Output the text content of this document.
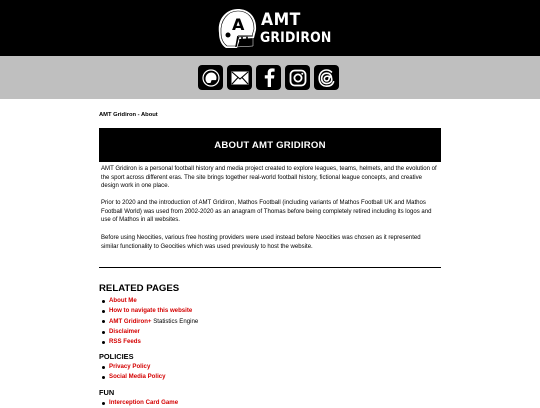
A AMT
GRIDIRON
AMT Gridiron - About
ABOUT AMT GRIDIRON

AMT Gridiron is a personal football history and media project created to explore leagues, teams, helmets, and the evolution of the sport across different eras. The site brings together real-world football history, fictional league concepts, and creative design work in one place.

Prior to 2020 and the introduction of AMT Gridiron, Mathos Football (including variants of Mathos Football UK and Mathos Football World) was used from 2002-2020 as an anagram of Thomas before being completely retired including its logos and use of Mathos in all websites.

Before using Neocities, various free hosting providers were used instead before Neocities was chosen as it represented similar functionality to Geocities which was used previously to host the website.

RELATED PAGES
About Me
How to navigate this website
AMT Gridiron+ Statistics Engine
Disclaimer
RSS Feeds
POLICIES
Privacy Policy
Social Media Policy
FUN
Interception Card Game
